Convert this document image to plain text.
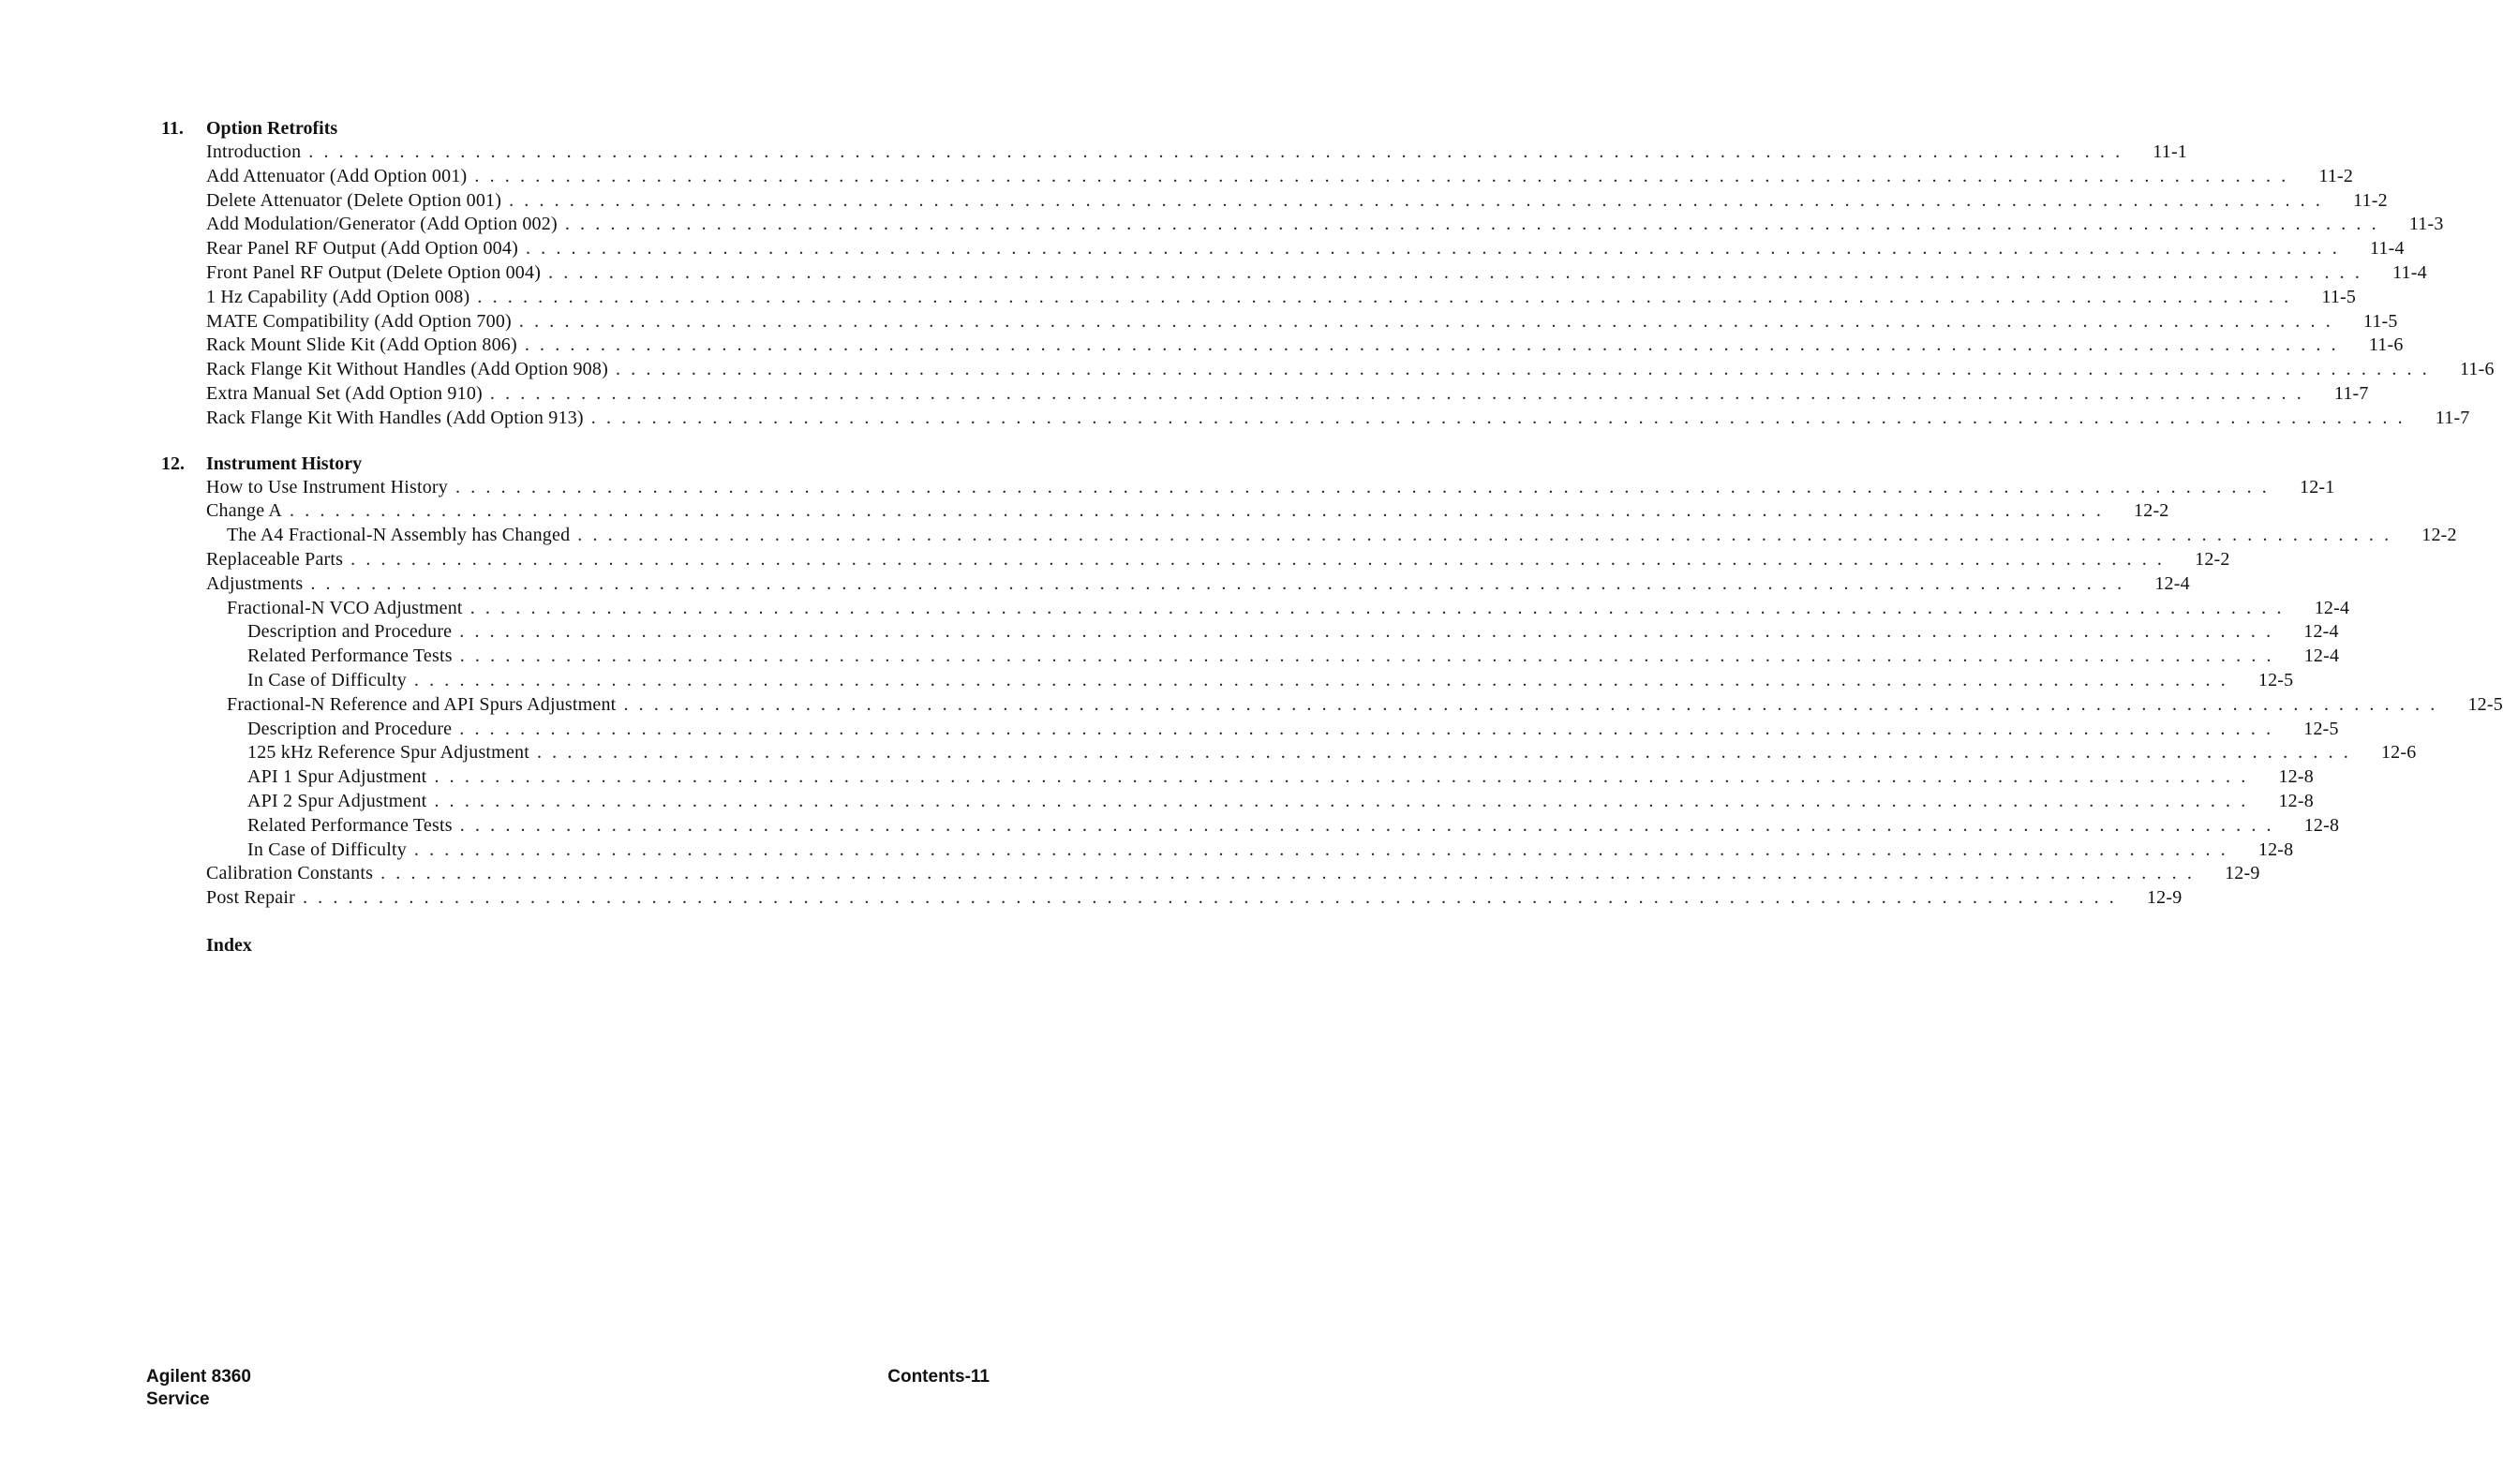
11. Option Retrofits
Introduction ........................................................................................................................	11-1
Add Attenuator (Add Option 001) ........................................................................................................................	11-2
Delete Attenuator (Delete Option 001) ........................................................................................................................	11-2
Add Modulation/Generator (Add Option 002) ........................................................................................................................	11-3
Rear Panel RF Output (Add Option 004) ........................................................................................................................	11-4
Front Panel RF Output (Delete Option 004) ........................................................................................................................	11-4
1 Hz Capability (Add Option 008) ........................................................................................................................	11-5
MATE Compatibility (Add Option 700) ........................................................................................................................	11-5
Rack Mount Slide Kit (Add Option 806) ........................................................................................................................	11-6
Rack Flange Kit Without Handles (Add Option 908) ........................................................................................................................	11-6
Extra Manual Set (Add Option 910) ........................................................................................................................	11-7
Rack Flange Kit With Handles (Add Option 913) ........................................................................................................................	11-7
12. Instrument History
How to Use Instrument History ........................................................................................................................	12-1
Change A ........................................................................................................................	12-2
The A4 Fractional-N Assembly has Changed ........................................................................................................................	12-2
Replaceable Parts ........................................................................................................................	12-2
Adjustments ........................................................................................................................	12-4
Fractional-N VCO Adjustment ........................................................................................................................	12-4
Description and Procedure ........................................................................................................................	12-4
Related Performance Tests ........................................................................................................................	12-4
In Case of Difficulty ........................................................................................................................	12-5
Fractional-N Reference and API Spurs Adjustment ........................................................................................................................	12-5
Description and Procedure ........................................................................................................................	12-5
125 kHz Reference Spur Adjustment ........................................................................................................................	12-6
API 1 Spur Adjustment ........................................................................................................................	12-8
API 2 Spur Adjustment ........................................................................................................................	12-8
Related Performance Tests ........................................................................................................................	12-8
In Case of Difficulty ........................................................................................................................	12-8
Calibration Constants ........................................................................................................................	12-9
Post Repair ........................................................................................................................	12-9
Index
Agilent 8360
Service
Contents-11
